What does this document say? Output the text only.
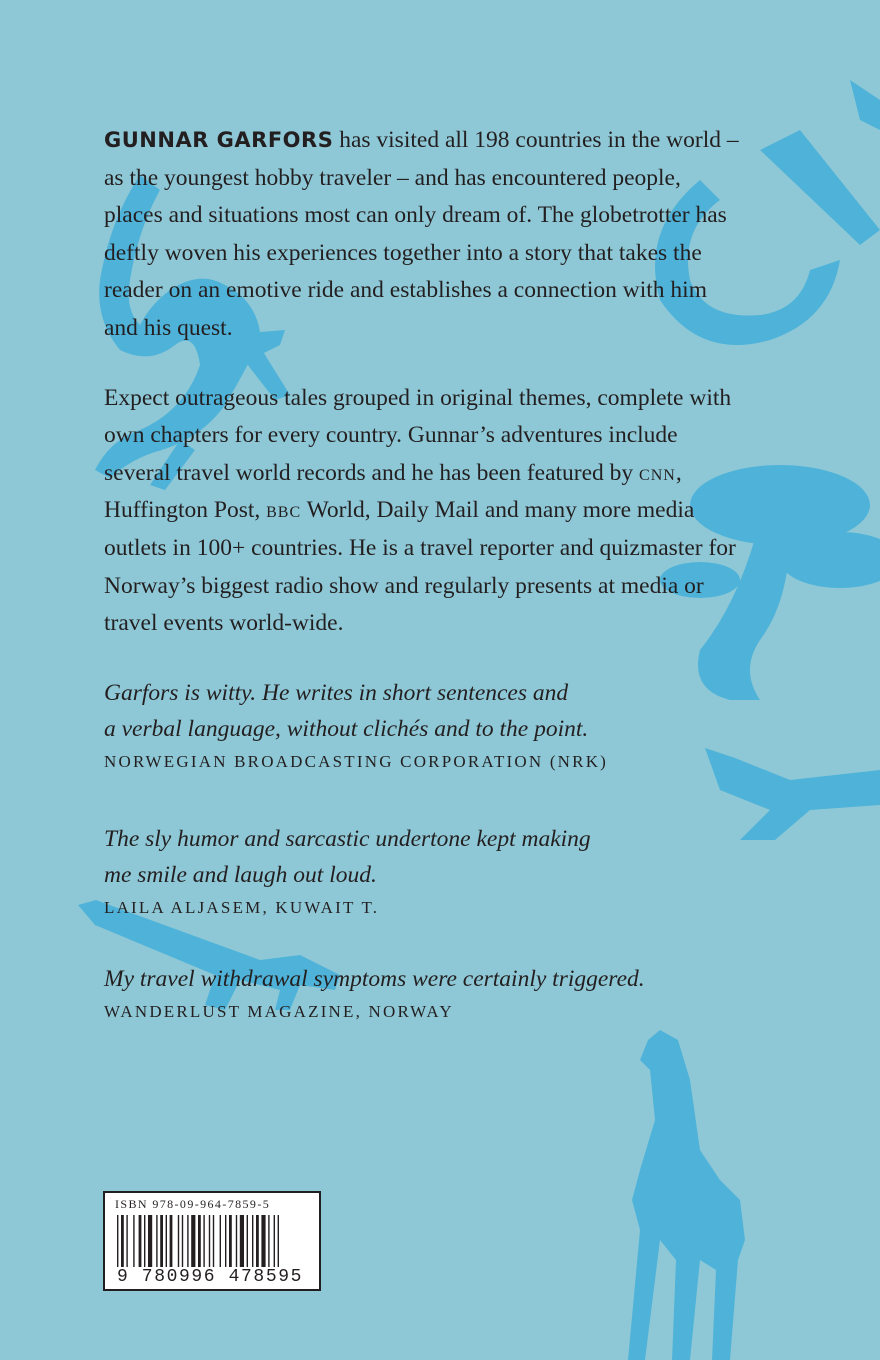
GUNNAR GARFORS has visited all 198 countries in the world – as the youngest hobby traveler – and has encountered people, places and situations most can only dream of. The globetrotter has deftly woven his experiences together into a story that takes the reader on an emotive ride and establishes a connection with him and his quest.

Expect outrageous tales grouped in original themes, complete with own chapters for every country. Gunnar’s adventures include several travel world records and he has been featured by cnn, Huffington Post, bbc World, Daily Mail and many more media outlets in 100+ countries. He is a travel reporter and quizmaster for Norway’s biggest radio show and regularly presents at media or travel events world-wide.

Garfors is witty. He writes in short sentences and
a verbal language, without clichés and to the point.

NORWEGIAN BROADCASTING CORPORATION (NRK)

The sly humor and sarcastic undertone kept making
me smile and laugh out loud.

LAILA ALJASEM, KUWAIT T.

My travel withdrawal symptoms were certainly triggered.

WANDERLUST MAGAZINE, NORWAY
ISBN 978-09-964-7859-5
9 780996 478595
